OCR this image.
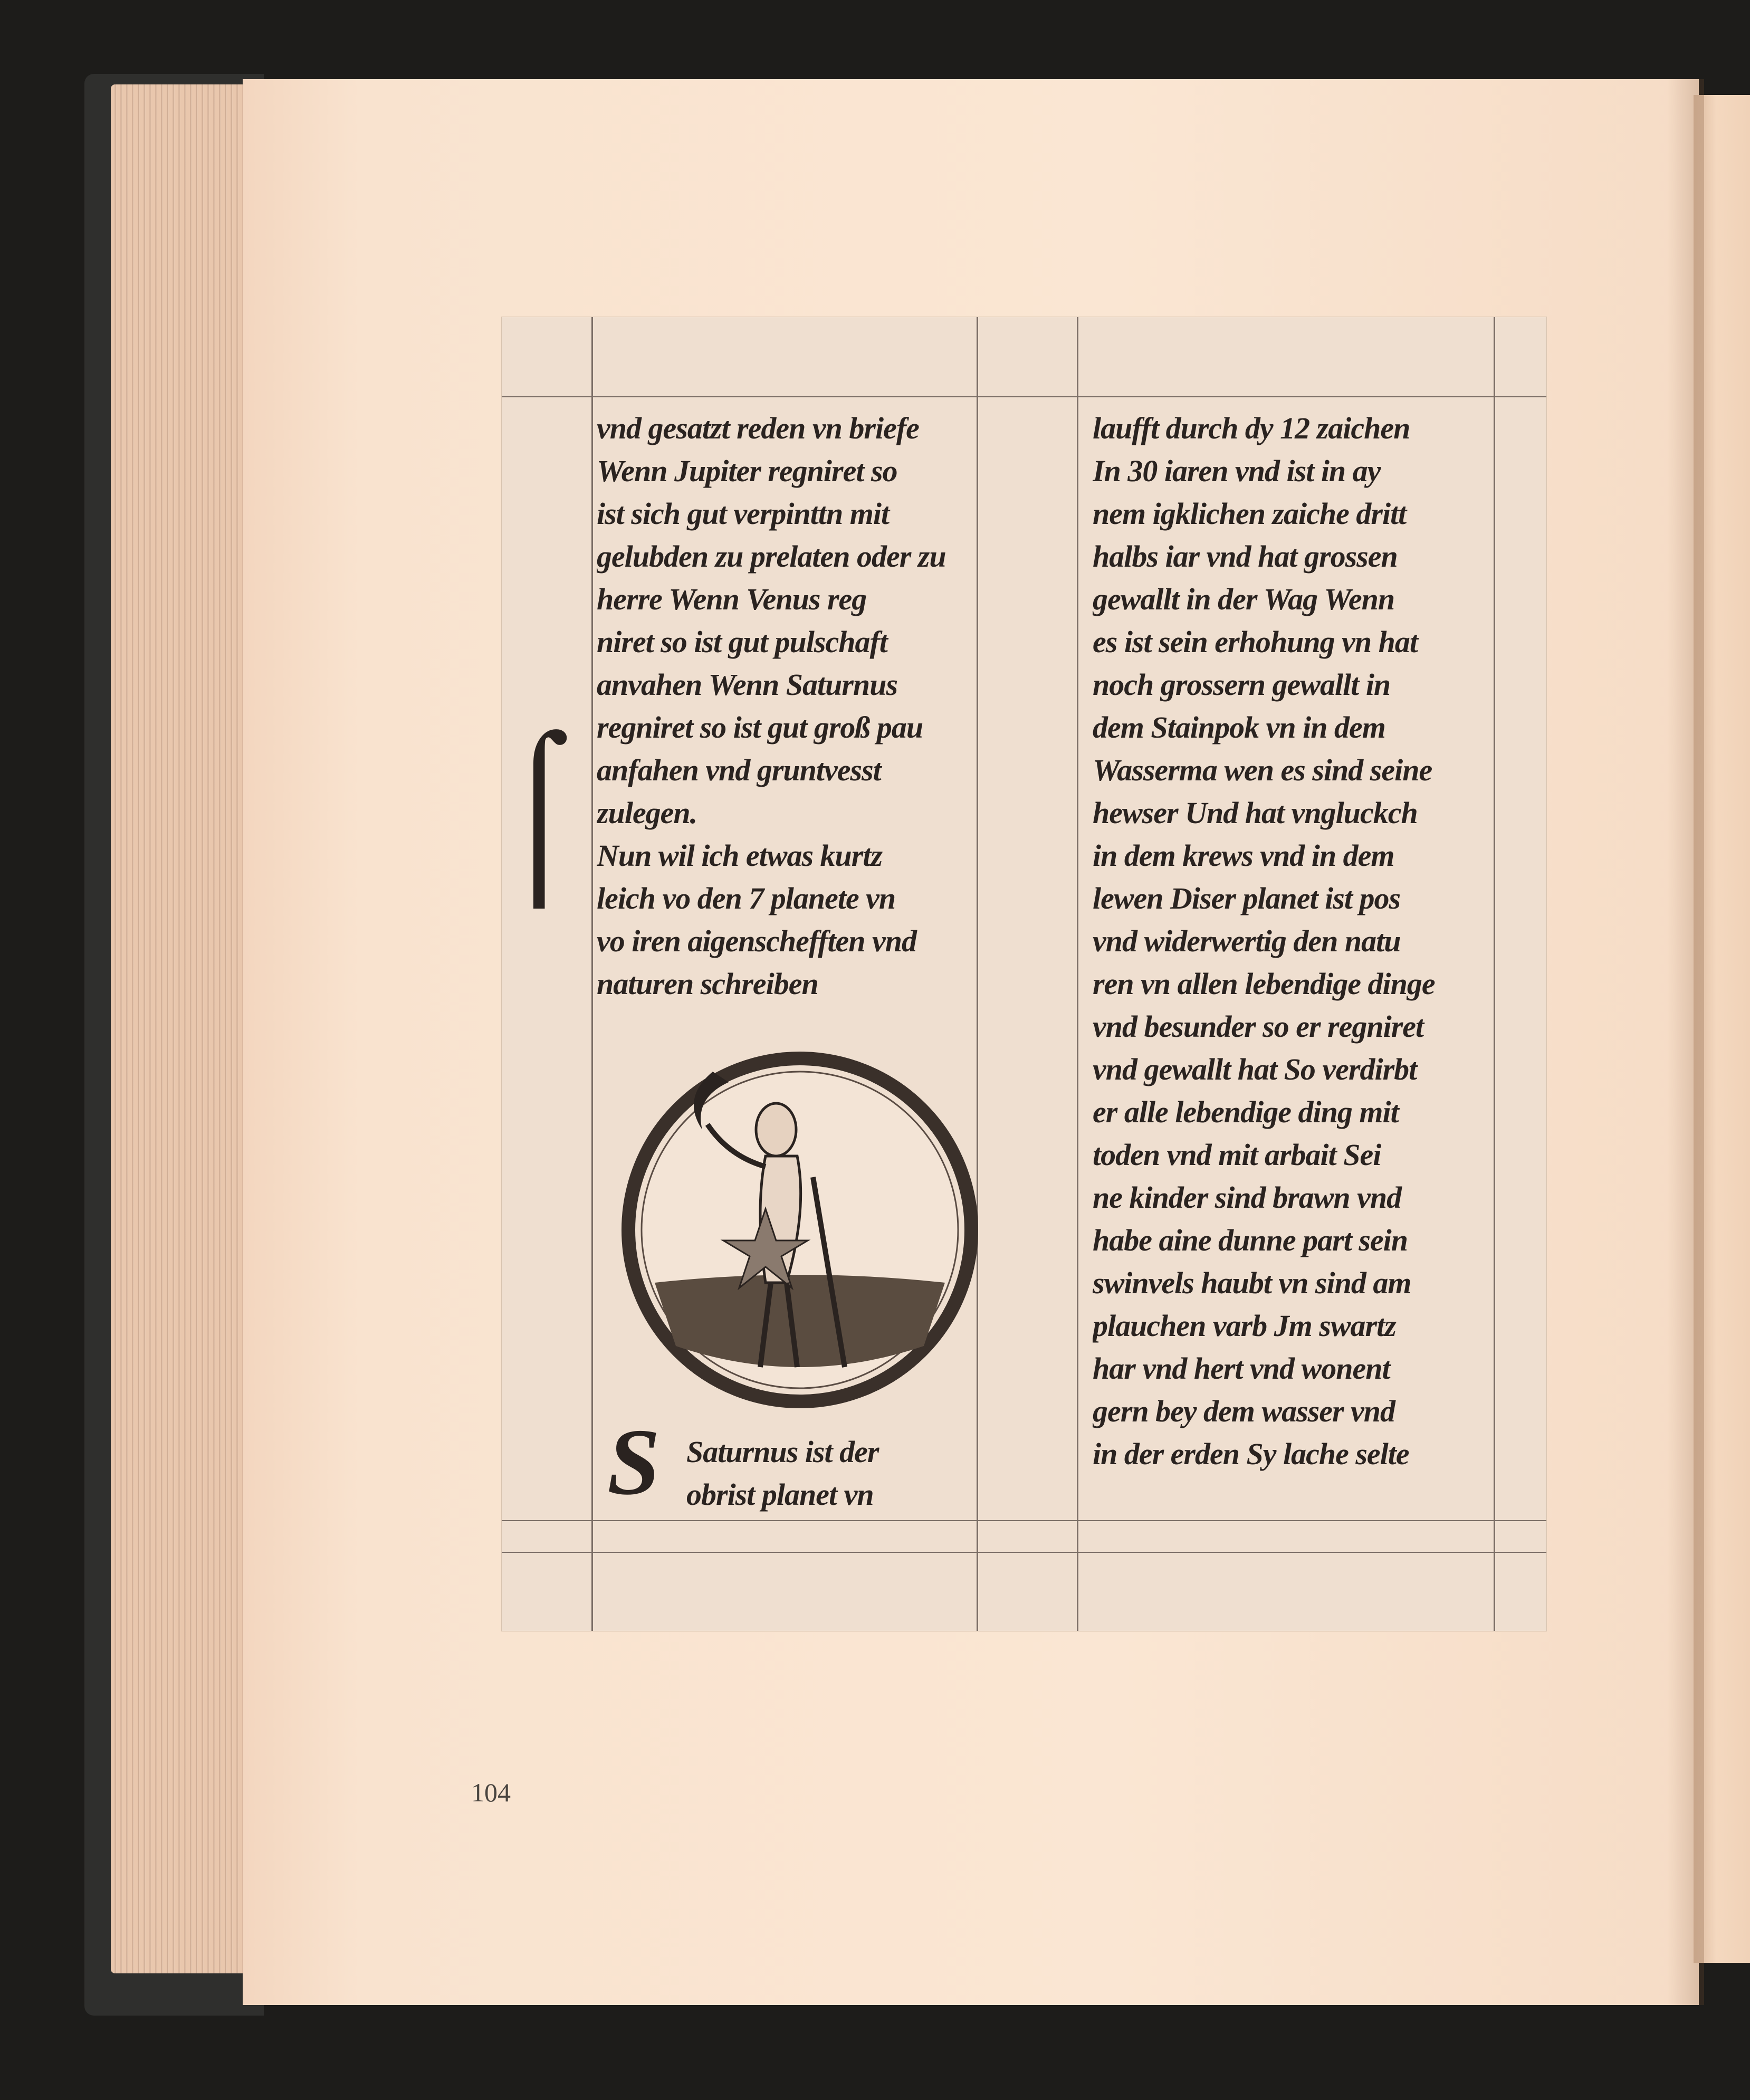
⌠
vnd gesatzt reden vn briefe
Wenn Jupiter regniret so
ist sich gut verpinttn mit
gelubden zu prelaten oder zu
herre Wenn Venus reg
niret so ist gut pulschaft
anvahen Wenn Saturnus
regniret so ist gut groß pau
anfahen vnd gruntvesst
zulegen.
Nun wil ich etwas kurtz
leich vo den 7 planete vn
vo iren aigenschefften vnd
naturen schreiben
S Saturnus ist der
obrist planet vn
laufft durch dy 12 zaichen
In 30 iaren vnd ist in ay
nem igklichen zaiche dritt
halbs iar vnd hat grossen
gewallt in der Wag Wenn
es ist sein erhohung vn hat
noch grossern gewallt in
dem Stainpok vn in dem
Wasserma wen es sind seine
hewser Und hat vngluckch
in dem krews vnd in dem
lewen Diser planet ist pos
vnd widerwertig den natu
ren vn allen lebendige dinge
vnd besunder so er regniret
vnd gewallt hat So verdirbt
er alle lebendige ding mit
toden vnd mit arbait Sei
ne kinder sind brawn vnd
habe aine dunne part sein
swinvels haubt vn sind am
plauchen varb Jm swartz
har vnd hert vnd wonent
gern bey dem wasser vnd
in der erden Sy lache selte
104
